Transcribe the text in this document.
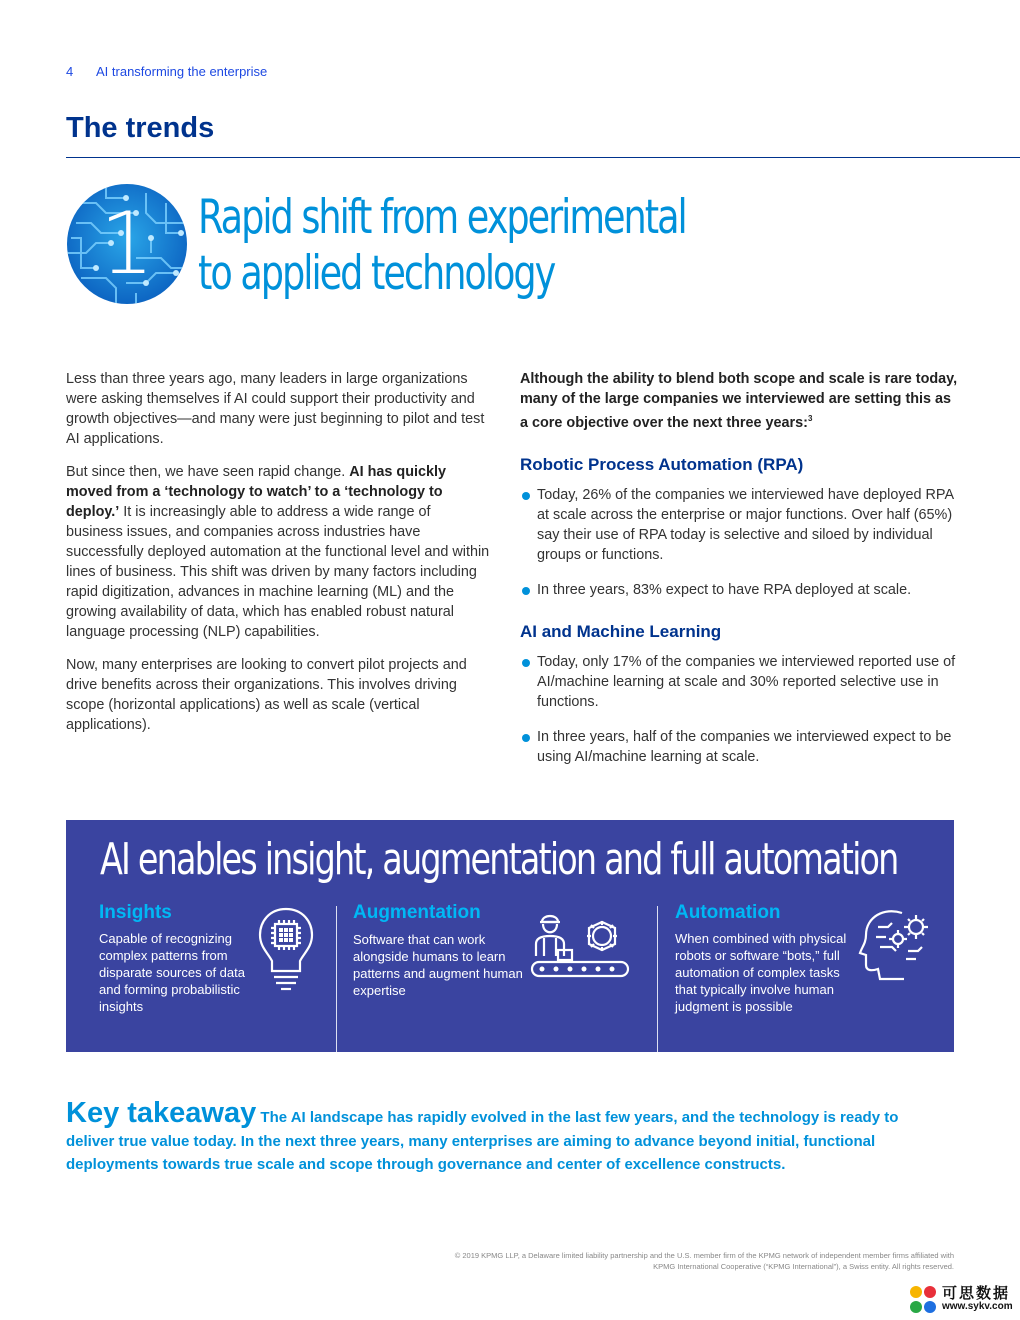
4 AI transforming the enterprise
The trends
1 Rapid shift from experimental
to applied technology

Less than three years ago, many leaders in large organizations were asking themselves if AI could support their productivity and growth objectives—and many were just beginning to pilot and test AI applications.

But since then, we have seen rapid change. AI has quickly moved from a ‘technology to watch’ to a ‘technology to deploy.’ It is increasingly able to address a wide range of business issues, and companies across industries have successfully deployed automation at the functional level and within lines of business. This shift was driven by many factors including rapid digitization, advances in machine learning (ML) and the growing availability of data, which has enabled robust natural language processing (NLP) capabilities.

Now, many enterprises are looking to convert pilot projects and drive benefits across their organizations. This involves driving scope (horizontal applications) as well as scale (vertical applications).

Although the ability to blend both scope and scale is rare today, many of the large companies we interviewed are setting this as a core objective over the next three years:$^3$

Robotic Process Automation (RPA)
Today, 26% of the companies we interviewed have deployed RPA at scale across the enterprise or major functions. Over half (65%) say their use of RPA today is selective and siloed by individual groups or functions.
In three years, 83% expect to have RPA deployed at scale.
AI and Machine Learning
Today, only 17% of the companies we interviewed reported use of AI/machine learning at scale and 30% reported selective use in functions.
In three years, half of the companies we interviewed expect to be using AI/machine learning at scale.
AI enables insight, augmentation and full automation
Insights
Capable of recognizing complex patterns from disparate sources of data and forming probabilistic insights
Augmentation
Software that can work alongside humans to learn patterns and augment human expertise
Automation
When combined with physical robots or software “bots,” full automation of complex tasks that typically involve human judgment is possible
Key takeaway The AI landscape has rapidly evolved in the last few years, and the technology is ready to deliver true value today. In the next three years, many enterprises are aiming to advance beyond initial, functional deployments towards true scale and scope through governance and center of excellence constructs.
© 2019 KPMG LLP, a Delaware limited liability partnership and the U.S. member firm of the KPMG network of independent member firms affiliated with
KPMG International Cooperative (“KPMG International”), a Swiss entity. All rights reserved.
可思数据
www.sykv.com
